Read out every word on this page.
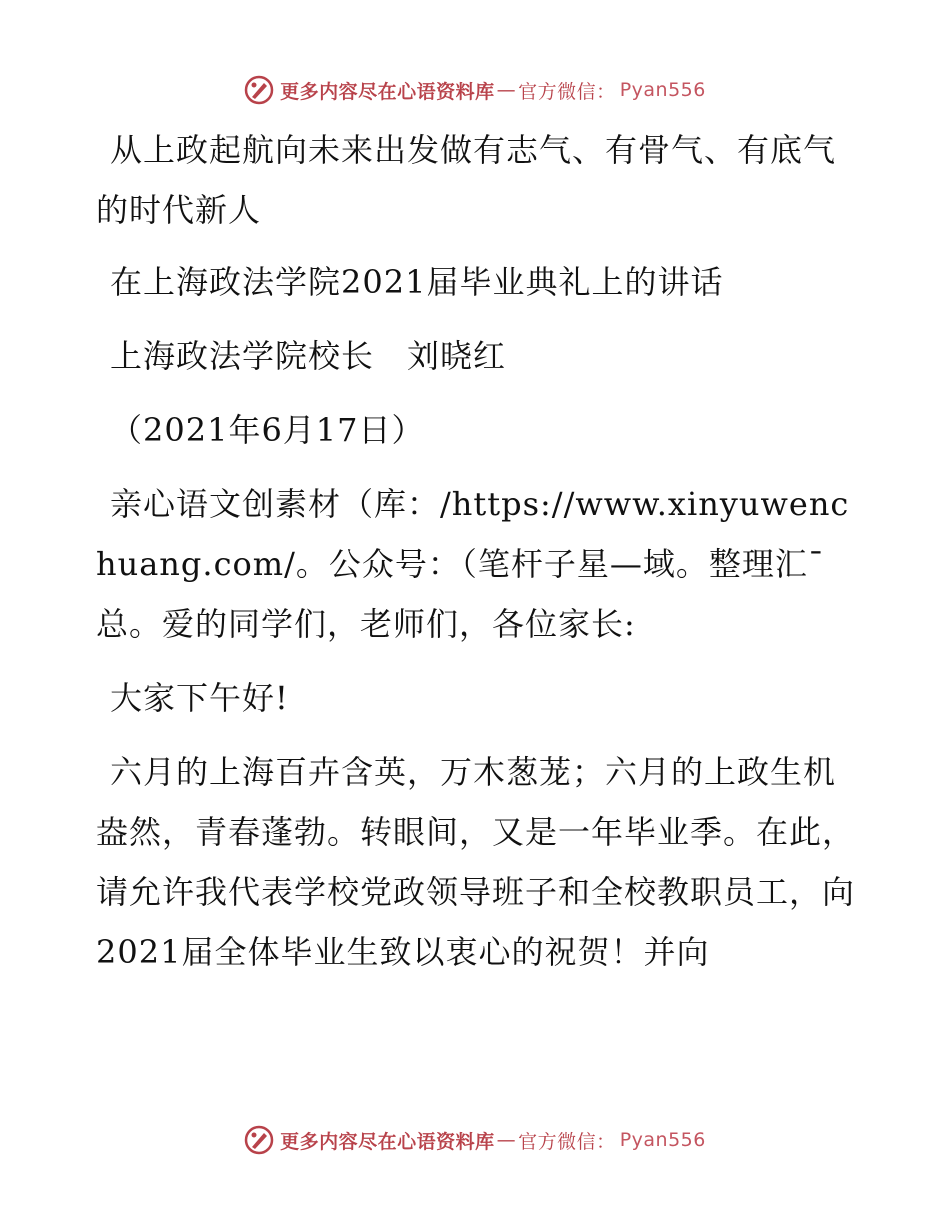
更多内容尽在心语资料库 — 官方微信： Pyan556

从上政起航向未来出发做有志气、有骨气、有底气的时代新人

在上海政法学院2021届毕业典礼上的讲话

上海政法学院校长　刘晓红

（2021年6月17日）

亲心语文创素材（库：/https://www.xinyuwenchuang.com/。公众号：（笔杆子星—域。整理汇¯总。爱的同学们，老师们，各位家长:

大家下午好!

六月的上海百卉含英，万木葱茏；六月的上政生机盎然，青春蓬勃。转眼间，又是一年毕业季。在此，请允许我代表学校党政领导班子和全校教职员工，向2021届全体毕业生致以衷心的祝贺！并向

更多内容尽在心语资料库 — 官方微信： Pyan556
